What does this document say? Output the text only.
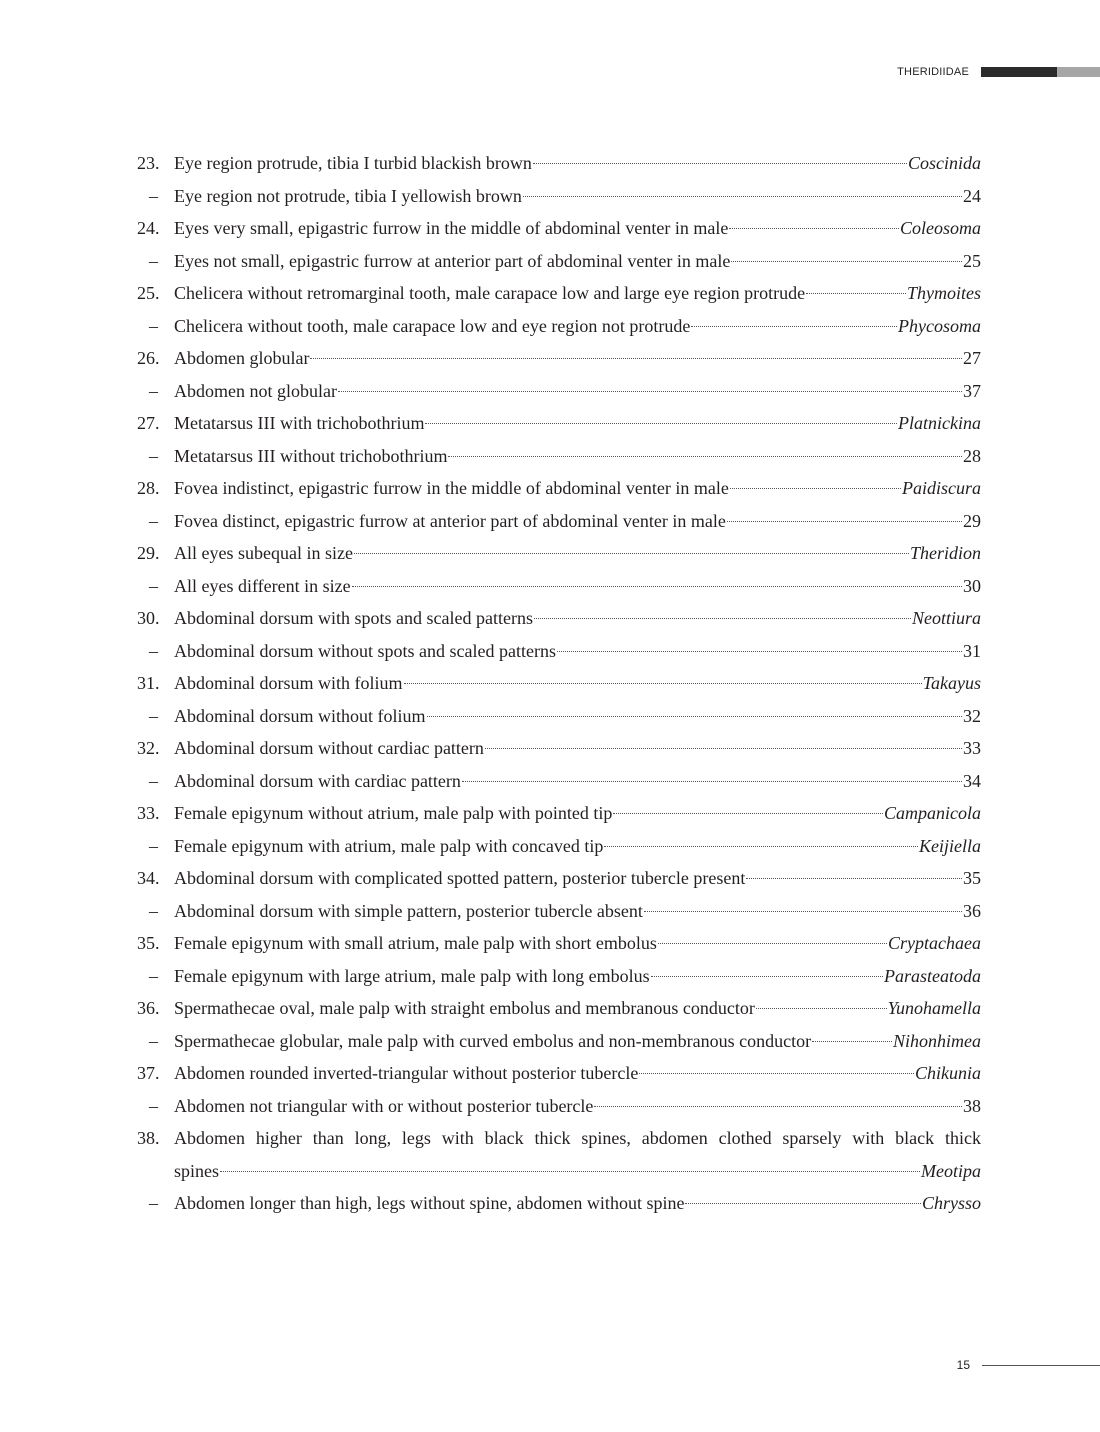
THERIDIIDAE
23. Eye region protrude, tibia I turbid blackish brown	Coscinida
– Eye region not protrude, tibia I yellowish brown	24
24. Eyes very small, epigastric furrow in the middle of abdominal venter in male	Coleosoma
– Eyes not small, epigastric furrow at anterior part of abdominal venter in male	25
25. Chelicera without retromarginal tooth, male carapace low and large eye region protrude	Thymoites
– Chelicera without tooth, male carapace low and eye region not protrude	Phycosoma
26. Abdomen globular	27
– Abdomen not globular	37
27. Metatarsus III with trichobothrium	Platnickina
– Metatarsus III without trichobothrium	28
28. Fovea indistinct, epigastric furrow in the middle of abdominal venter in male	Paidiscura
– Fovea distinct, epigastric furrow at anterior part of abdominal venter in male	29
29. All eyes subequal in size	Theridion
– All eyes different in size	30
30. Abdominal dorsum with spots and scaled patterns	Neottiura
– Abdominal dorsum without spots and scaled patterns	31
31. Abdominal dorsum with folium	Takayus
– Abdominal dorsum without folium	32
32. Abdominal dorsum without cardiac pattern	33
– Abdominal dorsum with cardiac pattern	34
33. Female epigynum without atrium, male palp with pointed tip	Campanicola
– Female epigynum with atrium, male palp with concaved tip	Keijiella
34. Abdominal dorsum with complicated spotted pattern, posterior tubercle present	35
– Abdominal dorsum with simple pattern, posterior tubercle absent	36
35. Female epigynum with small atrium, male palp with short embolus	Cryptachaea
– Female epigynum with large atrium, male palp with long embolus	Parasteatoda
36. Spermathecae oval, male palp with straight embolus and membranous conductor	Yunohamella
– Spermathecae globular, male palp with curved embolus and non-membranous conductor	Nihonhimea
37. Abdomen rounded inverted-triangular without posterior tubercle	Chikunia
– Abdomen not triangular with or without posterior tubercle	38
38. Abdomen higher than long, legs with black thick spines, abdomen clothed sparsely with black thick
spines	Meotipa
– Abdomen longer than high, legs without spine, abdomen without spine	Chrysso
15
